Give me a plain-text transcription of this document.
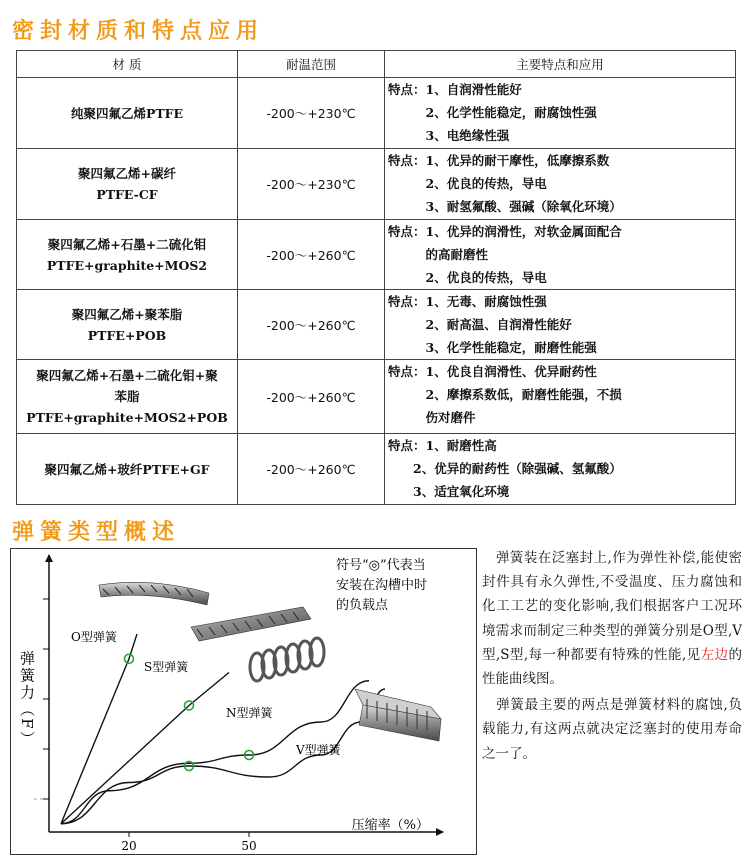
密封材质和特点应用
材 质	耐温范围	主要特点和应用

纯聚四氟乙烯PTFE	-200～+230℃	特点：1、自润滑性能好
　　　2、化学性能稳定，耐腐蚀性强
　　　3、电绝缘性强

聚四氟乙烯+碳纤
PTFE-CF	-200～+230℃	特点：1、优异的耐干摩性，低摩擦系数
　　　2、优良的传热，导电
　　　3、耐氢氟酸、强碱（除氧化环境）

聚四氟乙烯+石墨+二硫化钼
PTFE+graphite+MOS2	-200～+260℃	特点：1、优异的润滑性，对软金属面配合
　　　的高耐磨性
　　　2、优良的传热，导电

聚四氟乙烯+聚苯脂
PTFE+POB	-200～+260℃	特点：1、无毒、耐腐蚀性强
　　　2、耐高温、自润滑性能好
　　　3、化学性能稳定，耐磨性能强

聚四氟乙烯+石墨+二硫化钼+聚
苯脂
PTFE+graphite+MOS2+POB	-200～+260℃	特点：1、优良自润滑性、优异耐药性
　　　2、摩擦系数低，耐磨性能强，不损
　　　伤对磨件

聚四氟乙烯+玻纤PTFE+GF	-200～+260℃	特点：1、耐磨性高
　　2、优异的耐药性（除强碱、氢氟酸）
　　3、适宜氧化环境
弹簧类型概述
弹簧力（F）
压缩率（%）
20	50
符号“◎”代表当
安装在沟槽中时
的负载点
O型弹簧
S型弹簧
N型弹簧
V型弹簧

　弹簧装在泛塞封上,作为弹性补偿,能使密封件具有永久弹性,不受温度、压力腐蚀和化工工艺的变化影响,我们根据客户工况环境需求而制定三种类型的弹簧分别是O型,V型,S型,每一种都要有特殊的性能,见左边的性能曲线图。

　弹簧最主要的两点是弹簧材料的腐蚀,负载能力,有这两点就决定泛塞封的使用寿命之一了。
